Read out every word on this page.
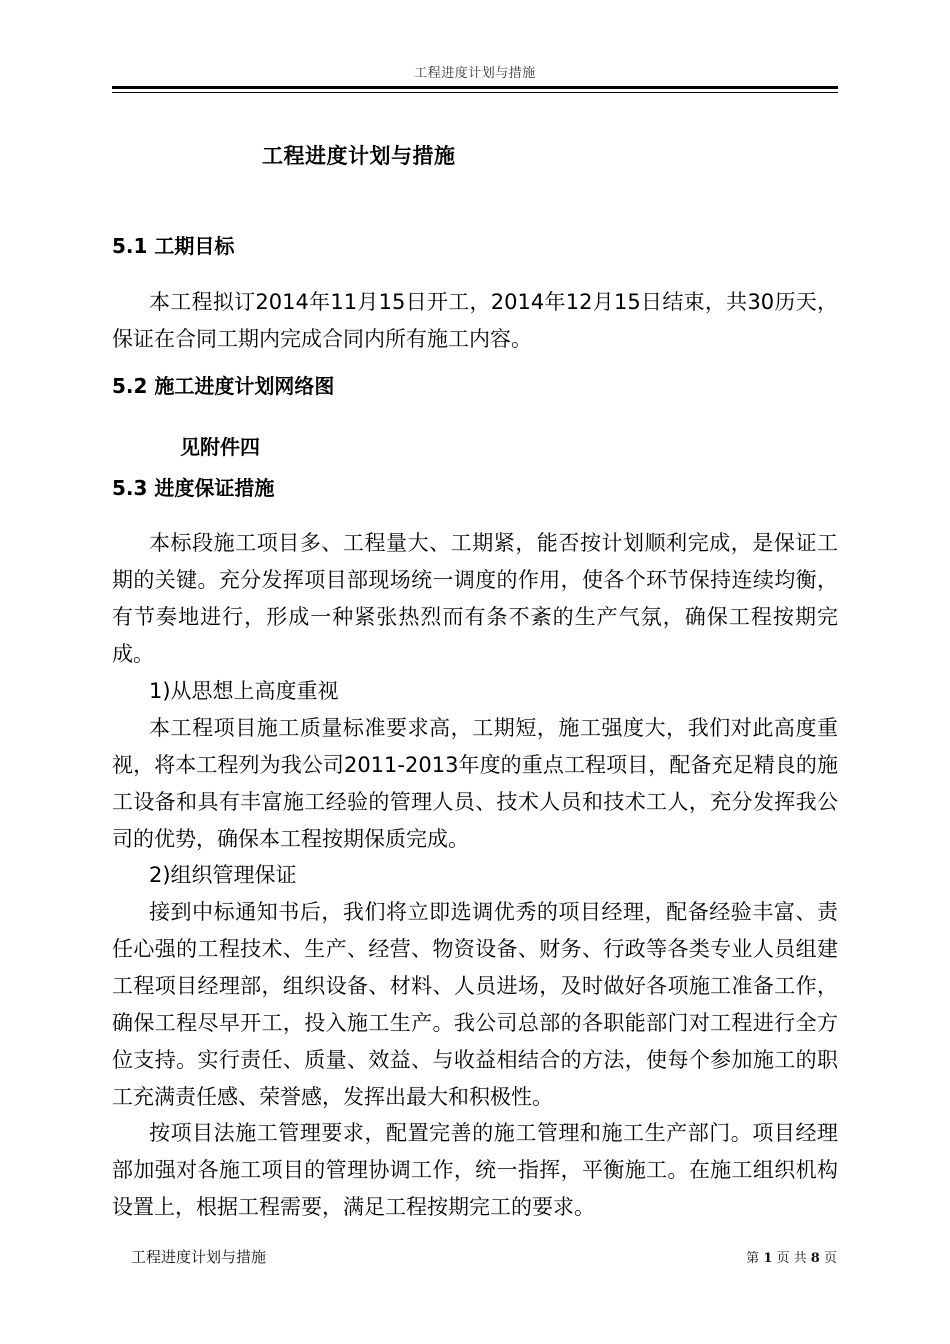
工程进度计划与措施
工程进度计划与措施
5.1 工期目标

本工程拟订2014年11月15日开工，2014年12月15日结束，共30历天，保证在合同工期内完成合同内所有施工内容。

5.2 施工进度计划网络图
见附件四
5.3 进度保证措施

本标段施工项目多、工程量大、工期紧，能否按计划顺利完成，是保证工期的关键。充分发挥项目部现场统一调度的作用，使各个环节保持连续均衡，有节奏地进行，形成一种紧张热烈而有条不紊的生产气氛，确保工程按期完成。

1)从思想上高度重视

本工程项目施工质量标准要求高，工期短，施工强度大，我们对此高度重视，将本工程列为我公司2011-2013年度的重点工程项目，配备充足精良的施工设备和具有丰富施工经验的管理人员、技术人员和技术工人，充分发挥我公司的优势，确保本工程按期保质完成。

2)组织管理保证

接到中标通知书后，我们将立即选调优秀的项目经理，配备经验丰富、责任心强的工程技术、生产、经营、物资设备、财务、行政等各类专业人员组建工程项目经理部，组织设备、材料、人员进场，及时做好各项施工准备工作，确保工程尽早开工，投入施工生产。我公司总部的各职能部门对工程进行全方位支持。实行责任、质量、效益、与收益相结合的方法，使每个参加施工的职工充满责任感、荣誉感，发挥出最大和积极性。

按项目法施工管理要求，配置完善的施工管理和施工生产部门。项目经理部加强对各施工项目的管理协调工作，统一指挥，平衡施工。在施工组织机构设置上，根据工程需要，满足工程按期完工的要求。

工程进度计划与措施	第 1 页 共 8 页
